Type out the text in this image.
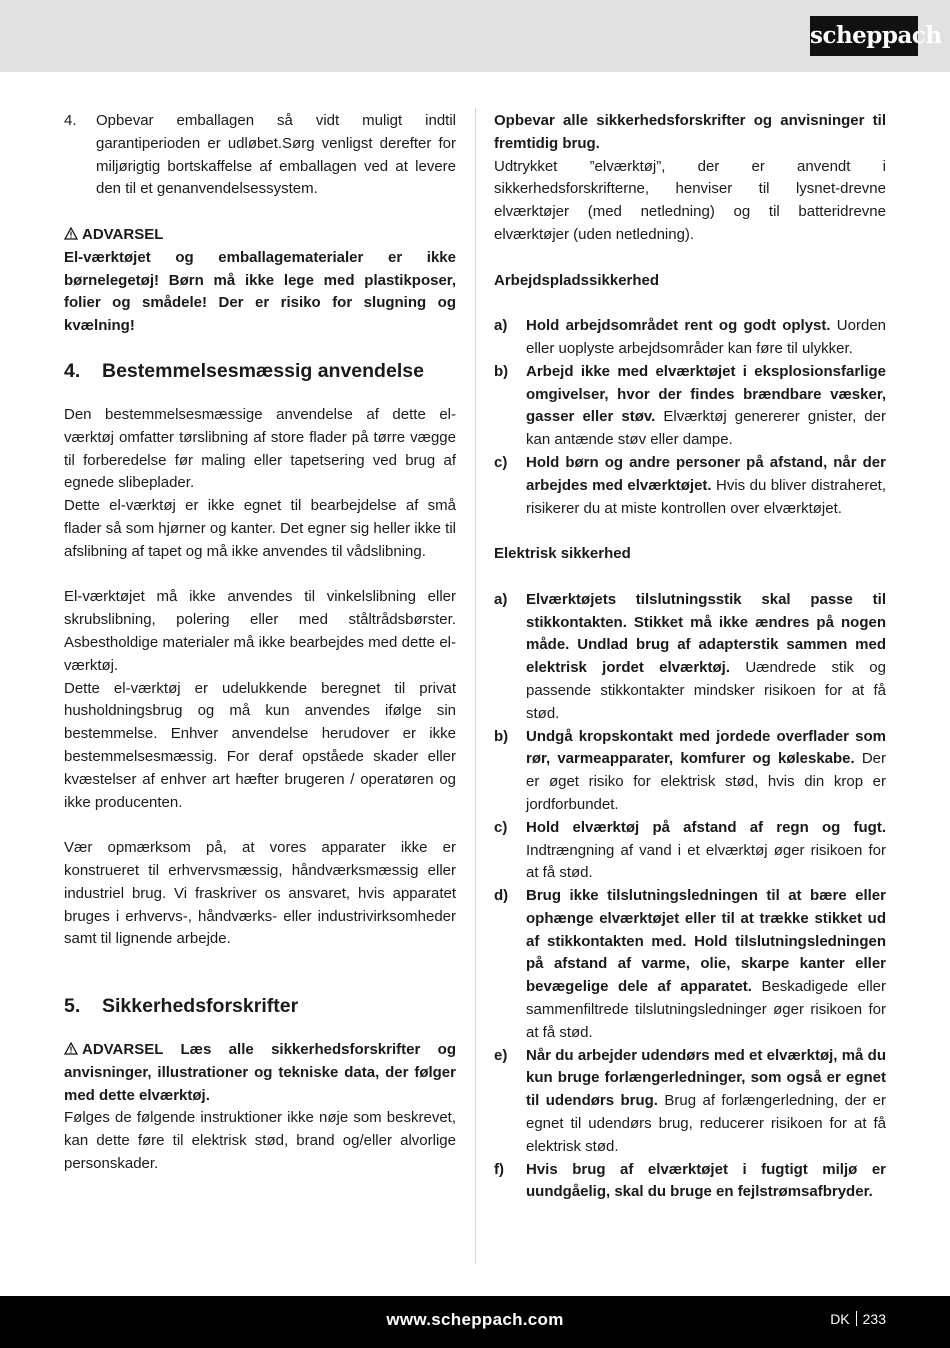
scheppach
4.	Opbevar emballagen så vidt muligt indtil garantiperioden er udløbet.Sørg venligst derefter for miljørigtig bortskaffelse af emballagen ved at levere den til et genanvendelsessystem.

ADVARSEL

El-værktøjet og emballagematerialer er ikke børnelegetøj! Børn må ikke lege med plastikposer, folier og smådele! Der er risiko for slugning og kvælning!

4.	Bestemmelsesmæssig anvendelse

Den bestemmelsesmæssige anvendelse af dette el-værktøj omfatter tørslibning af store flader på tørre vægge til forberedelse før maling eller tapetsering ved brug af egnede slibeplader.

Dette el-værktøj er ikke egnet til bearbejdelse af små flader så som hjørner og kanter. Det egner sig heller ikke til afslibning af tapet og må ikke anvendes til vådslibning.

El-værktøjet må ikke anvendes til vinkelslibning eller skrubslibning, polering eller med ståltrådsbørster. Asbestholdige materialer må ikke bearbejdes med dette el-værktøj.

Dette el-værktøj er udelukkende beregnet til privat husholdningsbrug og må kun anvendes ifølge sin bestemmelse. Enhver anvendelse herudover er ikke bestemmelsesmæssig. For deraf opståede skader eller kvæstelser af enhver art hæfter brugeren / operatøren og ikke producenten.

Vær opmærksom på, at vores apparater ikke er konstrueret til erhvervsmæssig, håndværksmæssig eller industriel brug. Vi fraskriver os ansvaret, hvis apparatet bruges i erhvervs-, håndværks- eller industrivirksomheder samt til lignende arbejde.

5.	Sikkerhedsforskrifter

ADVARSEL Læs alle sikkerhedsforskrifter og anvisninger, illustrationer og tekniske data, der følger med dette elværktøj.

Følges de følgende instruktioner ikke nøje som beskrevet, kan dette føre til elektrisk stød, brand og/eller alvorlige personskader.

Opbevar alle sikkerhedsforskrifter og anvisninger til fremtidig brug.

Udtrykket ”elværktøj”, der er anvendt i sikkerhedsforskrifterne, henviser til lysnet-drevne elværktøjer (med netledning) og til batteridrevne elværktøjer (uden netledning).

Arbejdspladssikkerhed

a)	Hold arbejdsområdet rent og godt oplyst. Uorden eller uoplyste arbejdsområder kan føre til ulykker.
b)	Arbejd ikke med elværktøjet i eksplosionsfarlige omgivelser, hvor der findes brændbare væsker, gasser eller støv. Elværktøj genererer gnister, der kan antænde støv eller dampe.
c)	Hold børn og andre personer på afstand, når der arbejdes med elværktøjet. Hvis du bliver distraheret, risikerer du at miste kontrollen over elværktøjet.

Elektrisk sikkerhed

a)	Elværktøjets tilslutningsstik skal passe til stikkontakten. Stikket må ikke ændres på nogen måde. Undlad brug af adapterstik sammen med elektrisk jordet elværktøj. Uændrede stik og passende stikkontakter mindsker risikoen for at få stød.
b)	Undgå kropskontakt med jordede overflader som rør, varmeapparater, komfurer og køleskabe. Der er øget risiko for elektrisk stød, hvis din krop er jordforbundet.
c)	Hold elværktøj på afstand af regn og fugt. Indtrængning af vand i et elværktøj øger risikoen for at få stød.
d)	Brug ikke tilslutningsledningen til at bære eller ophænge elværktøjet eller til at trække stikket ud af stikkontakten med. Hold tilslutningsledningen på afstand af varme, olie, skarpe kanter eller bevægelige dele af apparatet. Beskadigede eller sammenfiltrede tilslutningsledninger øger risikoen for at få stød.
e)	Når du arbejder udendørs med et elværktøj, må du kun bruge forlængerledninger, som også er egnet til udendørs brug. Brug af forlængerledning, der er egnet til udendørs brug, reducerer risikoen for at få elektrisk stød.
f)	Hvis brug af elværktøjet i fugtigt miljø er uundgåelig, skal du bruge en fejlstrømsafbryder.
www.scheppach.com	DK 233
